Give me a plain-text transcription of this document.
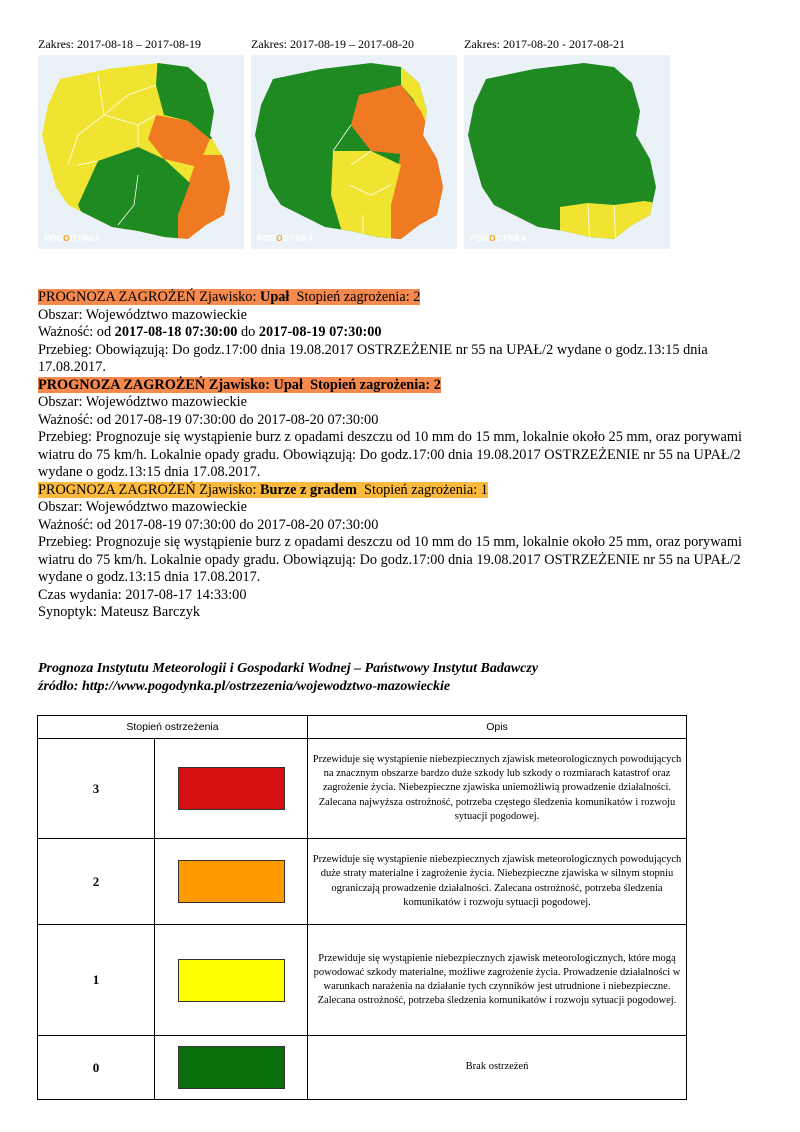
Zakres: 2017-08-18 – 2017-08-19
POGODYNKA
Zakres: 2017-08-19 – 2017-08-20
POGODYNKA
Zakres: 2017-08-20 - 2017-08-21
POGODYNKA
PROGNOZA ZAGROŻEŃ Zjawisko: Upał  Stopień zagrożenia: 2
Obszar: Województwo mazowieckie
Ważność: od 2017-08-18 07:30:00 do 2017-08-19 07:30:00
Przebieg: Obowiązują: Do godz.17:00 dnia 19.08.2017 OSTRZEŻENIE nr 55 na UPAŁ/2 wydane o godz.13:15 dnia 17.08.2017.
PROGNOZA ZAGROŻEŃ Zjawisko: Upał  Stopień zagrożenia: 2
Obszar: Województwo mazowieckie
Ważność: od 2017-08-19 07:30:00 do 2017-08-20 07:30:00
Przebieg: Prognozuje się wystąpienie burz z opadami deszczu od 10 mm do 15 mm, lokalnie około 25 mm, oraz porywami wiatru do 75 km/h. Lokalnie opady gradu. Obowiązują: Do godz.17:00 dnia 19.08.2017 OSTRZEŻENIE nr 55 na UPAŁ/2 wydane o godz.13:15 dnia 17.08.2017.
PROGNOZA ZAGROŻEŃ Zjawisko: Burze z gradem  Stopień zagrożenia: 1
Obszar: Województwo mazowieckie
Ważność: od 2017-08-19 07:30:00 do 2017-08-20 07:30:00
Przebieg: Prognozuje się wystąpienie burz z opadami deszczu od 10 mm do 15 mm, lokalnie około 25 mm, oraz porywami wiatru do 75 km/h. Lokalnie opady gradu. Obowiązują: Do godz.17:00 dnia 19.08.2017 OSTRZEŻENIE nr 55 na UPAŁ/2 wydane o godz.13:15 dnia 17.08.2017.
Czas wydania: 2017-08-17 14:33:00
Synoptyk: Mateusz Barczyk
Prognoza Instytutu Meteorologii i Gospodarki Wodnej – Państwowy Instytut Badawczy
źródło: http://www.pogodynka.pl/ostrzezenia/wojewodztwo-mazowieckie
Stopień ostrzeżenia		Opis
3		Przewiduje się wystąpienie niebezpiecznych zjawisk meteorologicznych powodujących na znacznym obszarze bardzo duże szkody lub szkody o rozmiarach katastrof oraz zagrożenie życia. Niebezpieczne zjawiska uniemożliwią prowadzenie działalności. Zalecana najwyższa ostrożność, potrzeba częstego śledzenia komunikatów i rozwoju sytuacji pogodowej.
2		Przewiduje się wystąpienie niebezpiecznych zjawisk meteorologicznych powodujących duże straty materialne i zagrożenie życia. Niebezpieczne zjawiska w silnym stopniu ograniczają prowadzenie działalności. Zalecana ostrożność, potrzeba śledzenia komunikatów i rozwoju sytuacji pogodowej.
1		Przewiduje się wystąpienie niebezpiecznych zjawisk meteorologicznych, które mogą powodować szkody materialne, możliwe zagrożenie życia. Prowadzenie działalności w warunkach narażenia na działanie tych czynników jest utrudnione i niebezpieczne. Zalecana ostrożność, potrzeba śledzenia komunikatów i rozwoju sytuacji pogodowej.
0		Brak ostrzeżeń
